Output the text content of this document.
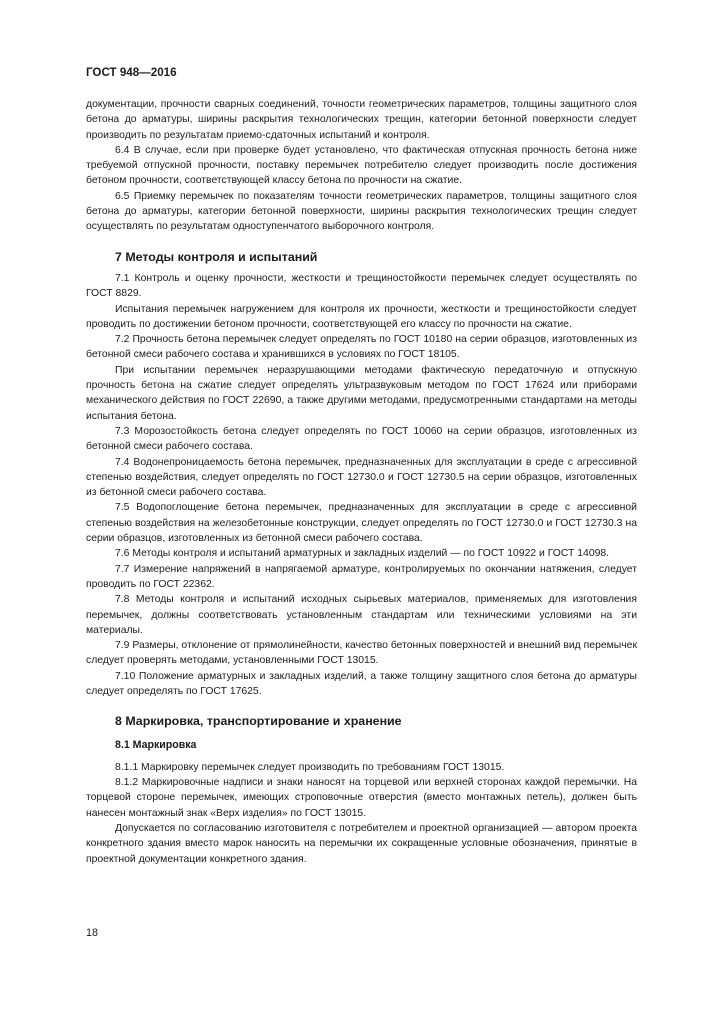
ГОСТ 948—2016

документации, прочности сварных соединений, точности геометрических параметров, толщины защитного слоя бетона до арматуры, ширины раскрытия технологических трещин, категории бетонной поверхности следует производить по результатам приемо-сдаточных испытаний и контроля.

6.4 В случае, если при проверке будет установлено, что фактическая отпускная прочность бетона ниже требуемой отпускной прочности, поставку перемычек потребителю следует производить после достижения бетоном прочности, соответствующей классу бетона по прочности на сжатие.

6.5 Приемку перемычек по показателям точности геометрических параметров, толщины защитного слоя бетона до арматуры, категории бетонной поверхности, ширины раскрытия технологических трещин следует осуществлять по результатам одноступенчатого выборочного контроля.

7 Методы контроля и испытаний

7.1 Контроль и оценку прочности, жесткости и трещиностойкости перемычек следует осуществлять по ГОСТ 8829.

Испытания перемычек нагружением для контроля их прочности, жесткости и трещиностойкости следует проводить по достижении бетоном прочности, соответствующей его классу по прочности на сжатие.

7.2 Прочность бетона перемычек следует определять по ГОСТ 10180 на серии образцов, изготовленных из бетонной смеси рабочего состава и хранившихся в условиях по ГОСТ 18105.

При испытании перемычек неразрушающими методами фактическую передаточную и отпускную прочность бетона на сжатие следует определять ультразвуковым методом по ГОСТ 17624 или приборами механического действия по ГОСТ 22690, а также другими методами, предусмотренными стандартами на методы испытания бетона.

7.3 Морозостойкость бетона следует определять по ГОСТ 10060 на серии образцов, изготовленных из бетонной смеси рабочего состава.

7.4 Водонепроницаемость бетона перемычек, предназначенных для эксплуатации в среде с агрессивной степенью воздействия, следует определять по ГОСТ 12730.0 и ГОСТ 12730.5 на серии образцов, изготовленных из бетонной смеси рабочего состава.

7.5 Водопоглощение бетона перемычек, предназначенных для эксплуатации в среде с агрессивной степенью воздействия на железобетонные конструкции, следует определять по ГОСТ 12730.0 и ГОСТ 12730.3 на серии образцов, изготовленных из бетонной смеси рабочего состава.

7.6 Методы контроля и испытаний арматурных и закладных изделий — по ГОСТ 10922 и ГОСТ 14098.

7.7 Измерение напряжений в напрягаемой арматуре, контролируемых по окончании натяжения, следует проводить по ГОСТ 22362.

7.8 Методы контроля и испытаний исходных сырьевых материалов, применяемых для изготовления перемычек, должны соответствовать установленным стандартам или техническими условиями на эти материалы.

7.9 Размеры, отклонение от прямолинейности, качество бетонных поверхностей и внешний вид перемычек следует проверять методами, установленными ГОСТ 13015.

7.10 Положение арматурных и закладных изделий, а также толщину защитного слоя бетона до арматуры следует определять по ГОСТ 17625.

8 Маркировка, транспортирование и хранение
8.1 Маркировка

8.1.1 Маркировку перемычек следует производить по требованиям ГОСТ 13015.

8.1.2 Маркировочные надписи и знаки наносят на торцевой или верхней сторонах каждой перемычки. На торцевой стороне перемычек, имеющих строповочные отверстия (вместо монтажных петель), должен быть нанесен монтажный знак «Верх изделия» по ГОСТ 13015.

Допускается по согласованию изготовителя с потребителем и проектной организацией — автором проекта конкретного здания вместо марок наносить на перемычки их сокращенные условные обозначения, принятые в проектной документации конкретного здания.

18
